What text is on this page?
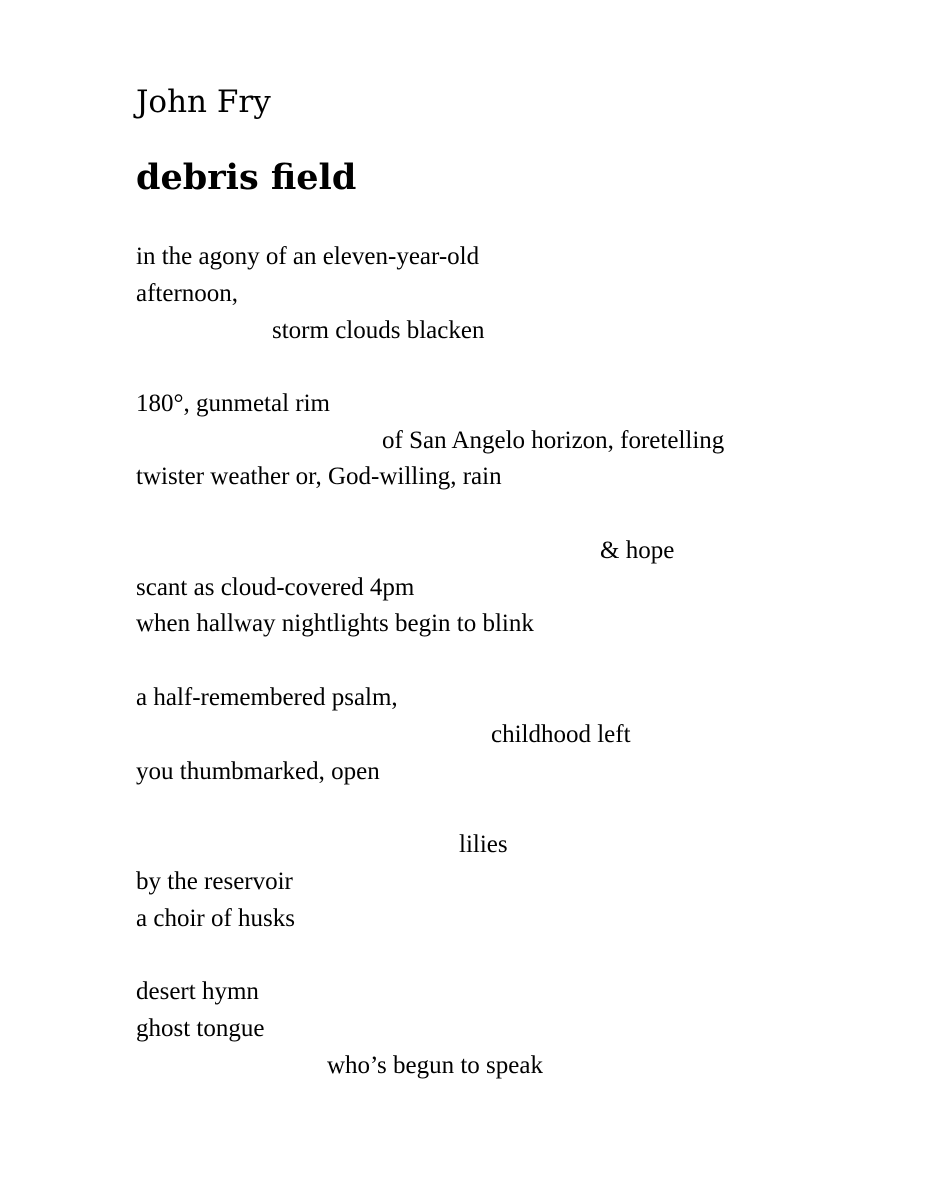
John Fry

debris field

in the agony of an eleven-year-old

afternoon,

storm clouds blacken

180°, gunmetal rim

of San Angelo horizon, foretelling

twister weather or, God-willing, rain

& hope

scant as cloud-covered 4pm

when hallway nightlights begin to blink

a half-remembered psalm,

childhood left

you thumbmarked, open

lilies

by the reservoir

a choir of husks

desert hymn

ghost tongue

who’s begun to speak
